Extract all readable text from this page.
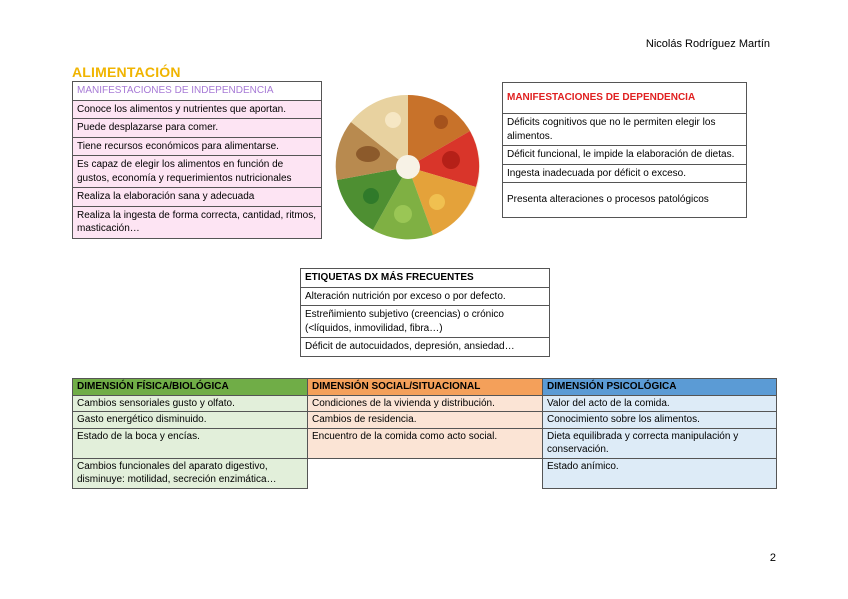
Nicolás Rodríguez Martín
ALIMENTACIÓN
MANIFESTACIONES DE INDEPENDENCIA
Conoce los alimentos y nutrientes que aportan.
Puede desplazarse para comer.
Tiene recursos económicos para alimentarse.
Es capaz de elegir los alimentos en función de gustos, economía y requerimientos nutricionales
Realiza la elaboración sana y adecuada
Realiza la ingesta de forma correcta, cantidad, ritmos, masticación…
MANIFESTACIONES DE DEPENDENCIA
Déficits cognitivos que no le permiten elegir los alimentos.
Déficit funcional, le impide la elaboración de dietas.
Ingesta inadecuada por déficit o exceso.
Presenta alteraciones o procesos patológicos
ETIQUETAS DX MÁS FRECUENTES
Alteración nutrición por exceso o por defecto.
Estreñimiento subjetivo (creencias) o crónico (<líquidos, inmovilidad, fibra…)
Déficit de autocuidados, depresión, ansiedad…
DIMENSIÓN FÍSICA/BIOLÓGICA	DIMENSIÓN SOCIAL/SITUACIONAL	DIMENSIÓN PSICOLÓGICA
Cambios sensoriales gusto y olfato.	Condiciones de la vivienda y distribución.	Valor del acto de la comida.
Gasto energético disminuido.	Cambios de residencia.	Conocimiento sobre los alimentos.
Estado de la boca y encías.	Encuentro de la comida como acto social.	Dieta equilibrada y correcta manipulación y conservación.
Cambios funcionales del aparato digestivo, disminuye: motilidad, secreción enzimática…		Estado anímico.
2
